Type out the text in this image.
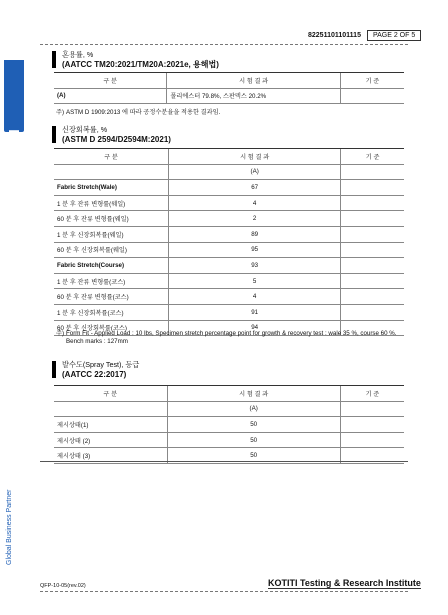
KOTITI
Global Business Partner
82251101101115	PAGE 2 OF 5
혼용률, %
(AATCC TM20:2021/TM20A:2021e, 용해법)
구 분	시 험 결 과	기 준
(A)	폴리에스터 79.8%, 스판덱스 20.2%	
주) ASTM D 1909:2013 에 따라 공정수분율을 적용한 결과임.
신장회복률, %
(ASTM D 2594/D2594M:2021)
구 분	시 험 결 과	기 준
	(A)	
Fabric Stretch(Wale)	67	
1 분 후 잔류 변형률(웨일)	4	
60 분 후 잔류 변형률(웨일)	2	
1 분 후 신장회복률(웨일)	89	
60 분 후 신장회복률(웨일)	95	
Fabric Stretch(Course)	93	
1 분 후 잔류 변형률(코스)	5	
60 분 후 잔류 변형률(코스)	4	
1 분 후 신장회복률(코스)	91	
60 분 후 신장회복률(코스)	94	
주) Form Fit - Applied Load : 10 lbs, Specimen stretch percentage point for growth & recovery test : wale 35 %, course 60 %.
Bench marks : 127mm
발수도(Spray Test), 등급
(AATCC 22:2017)
구 분	시 험 결 과	기 준
	(A)	
제시상태(1)	50	
제시상태 (2)	50	
제시상태 (3)	50	
QFP-10-05(rev.02)	KOTITI Testing & Research Institute
